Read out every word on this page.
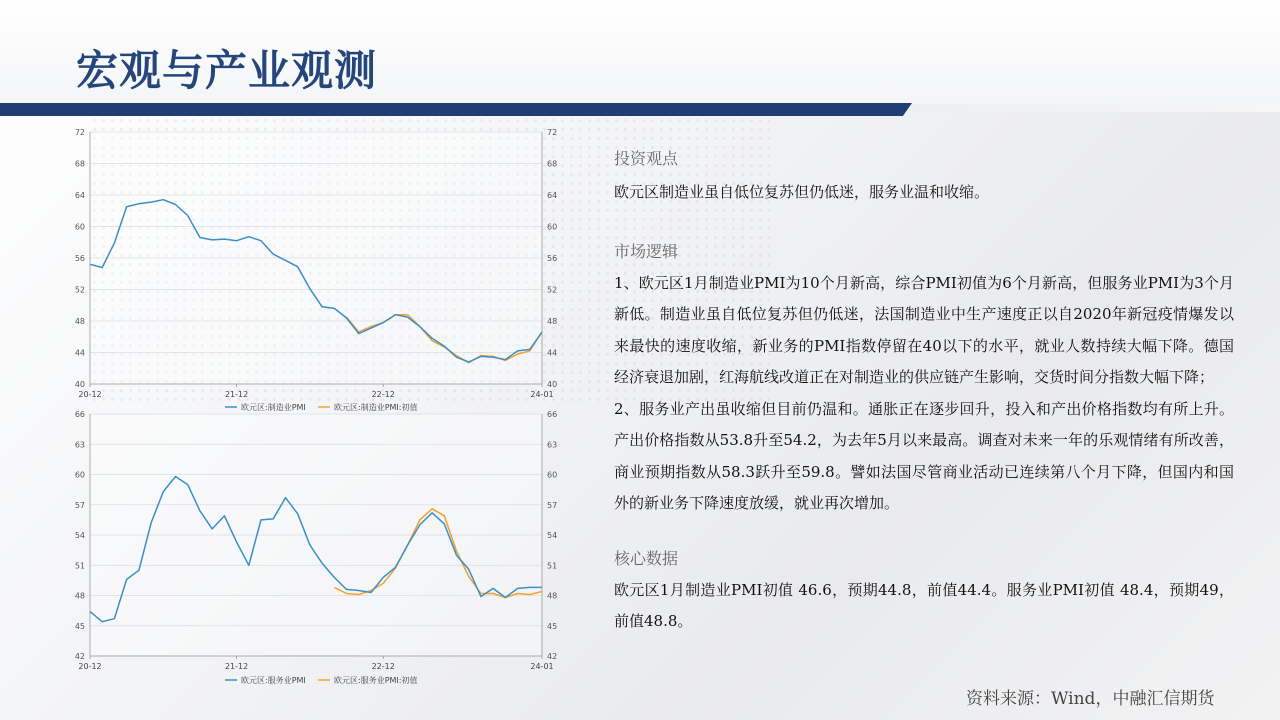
宏观与产业观测
40	40
44	44
48	48
52	52
56	56
60	60
64	64
68	68
72	72
20-12	21-12	22-12	24-01
欧元区:制造业PMI	欧元区:制造业PMI:初值
42	42
45	45
48	48
51	51
54	54
57	57
60	60
63	63
66	66
20-12	21-12	22-12	24-01
欧元区:服务业PMI	欧元区:服务业PMI:初值
投资观点
欧元区制造业虽自低位复苏但仍低迷，服务业温和收缩。
市场逻辑
1、欧元区1月制造业PMI为10个月新高，综合PMI初值为6个月新高，但服务业PMI为3个月新低。制造业虽自低位复苏但仍低迷，法国制造业中生产速度正以自2020年新冠疫情爆发以来最快的速度收缩，新业务的PMI指数停留在40以下的水平，就业人数持续大幅下降。德国经济衰退加剧，红海航线改道正在对制造业的供应链产生影响，交货时间分指数大幅下降；
2、服务业产出虽收缩但目前仍温和。通胀正在逐步回升，投入和产出价格指数均有所上升。产出价格指数从53.8升至54.2，为去年5月以来最高。调查对未来一年的乐观情绪有所改善，商业预期指数从58.3跃升至59.8。譬如法国尽管商业活动已连续第八个月下降，但国内和国外的新业务下降速度放缓，就业再次增加。
核心数据
欧元区1月制造业PMI初值 46.6，预期44.8，前值44.4。服务业PMI初值 48.4，预期49，前值48.8。
资料来源：Wind，中融汇信期货
